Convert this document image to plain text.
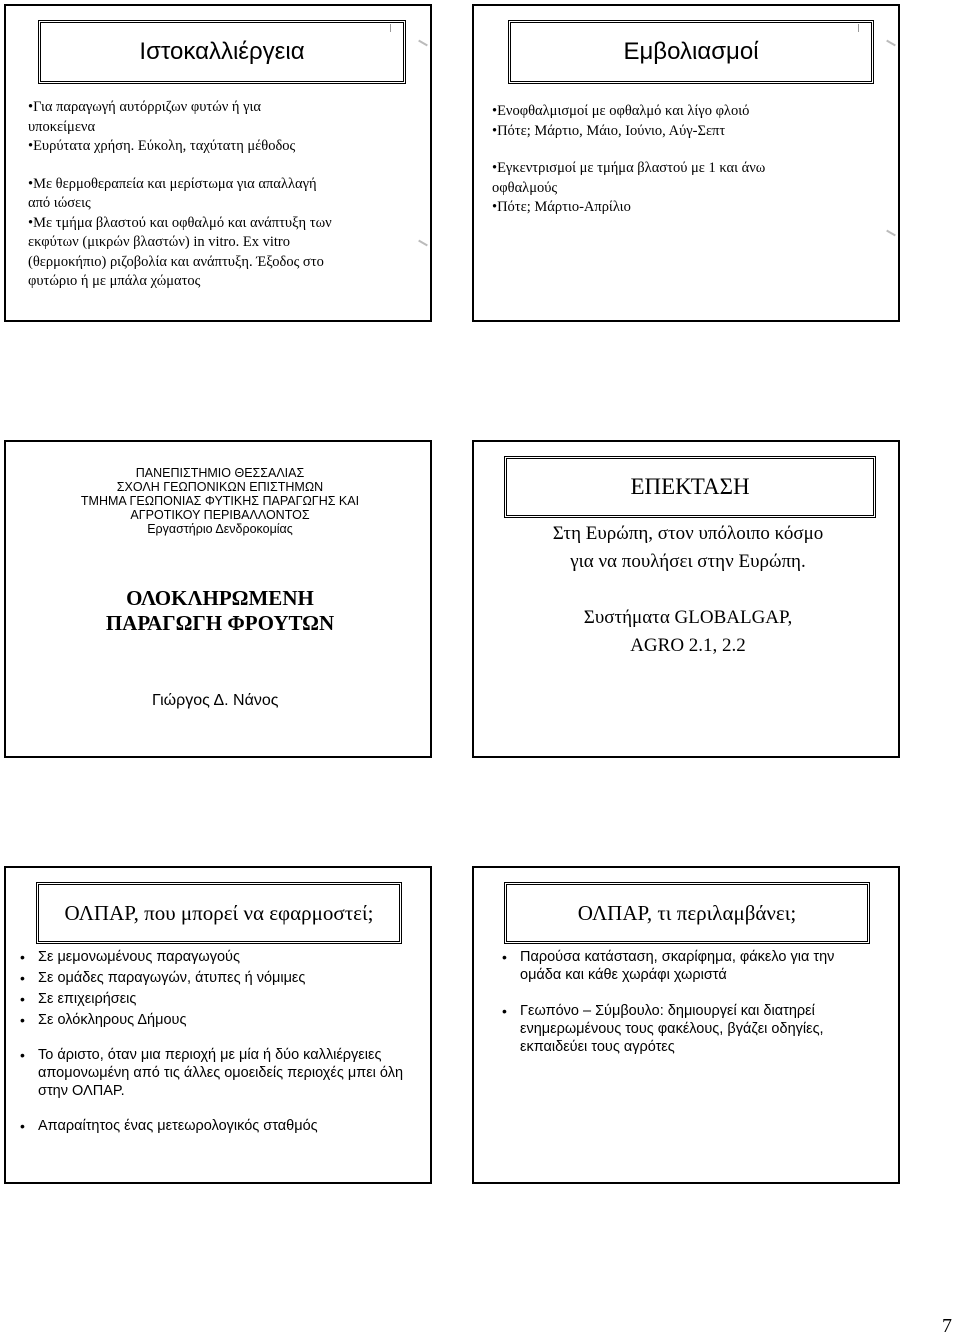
Ιστοκαλλιέργεια

•Για παραγωγή αυτόρριζων φυτών ή για

υποκείμενα

•Ευρύτατα χρήση. Εύκολη, ταχύτατη μέθοδος

•Με θερμοθεραπεία και μερίστωμα για απαλλαγή

από ιώσεις

•Με τμήμα βλαστού και οφθαλμό και ανάπτυξη των

εκφύτων (μικρών βλαστών) in vitro. Ex vitro

(θερμοκήπιο) ριζοβολία και ανάπτυξη. Έξοδος στο

φυτώριο ή με μπάλα χώματος

Εμβολιασμοί

•Ενοφθαλμισμοί με οφθαλμό και λίγο φλοιό

•Πότε; Μάρτιο, Μάιο, Ιούνιο, Αύγ-Σεπτ

•Εγκεντρισμοί με τμήμα βλαστού με 1 και άνω

οφθαλμούς

•Πότε; Μάρτιο-Απρίλιο

ΠΑΝΕΠΙΣΤΗΜΙΟ ΘΕΣΣΑΛΙΑΣ
ΣΧΟΛΗ ΓΕΩΠΟΝΙΚΩΝ ΕΠΙΣΤΗΜΩΝ
ΤΜΗΜΑ ΓΕΩΠΟΝΙΑΣ ΦΥΤΙΚΗΣ ΠΑΡΑΓΩΓΗΣ ΚΑΙ
ΑΓΡΟΤΙΚΟΥ ΠΕΡΙΒΑΛΛΟΝΤΟΣ
Εργαστήριο Δενδροκομίας
ΟΛΟΚΛΗΡΩΜΕΝΗ
ΠΑΡΑΓΩΓΗ ΦΡΟΥΤΩΝ
Γιώργος Δ. Νάνος
ΕΠΕΚΤΑΣΗ
Στη Ευρώπη, στον υπόλοιπο κόσμο
για να πουλήσει στην Ευρώπη.
Συστήματα GLOBALGAP,
AGRO 2.1, 2.2
ΟΛΠΑΡ, που μπορεί να εφαρμοστεί;
• Σε μεμονωμένους παραγωγούς
• Σε ομάδες παραγωγών, άτυπες ή νόμιμες
• Σε επιχειρήσεις
• Σε ολόκληρους Δήμους
• Το άριστο, όταν μια περιοχή με μία ή δύο καλλιέργειες απομονωμένη από τις άλλες ομοειδείς περιοχές μπει όλη στην ΟΛΠΑΡ.
• Απαραίτητος ένας μετεωρολογικός σταθμός
ΟΛΠΑΡ, τι περιλαμβάνει;
• Παρούσα κατάσταση, σκαρίφημα, φάκελο για την ομάδα και κάθε χωράφι χωριστά
• Γεωπόνο – Σύμβουλο: δημιουργεί και διατηρεί ενημερωμένους τους φακέλους, βγάζει οδηγίες, εκπαιδεύει τους αγρότες
7
